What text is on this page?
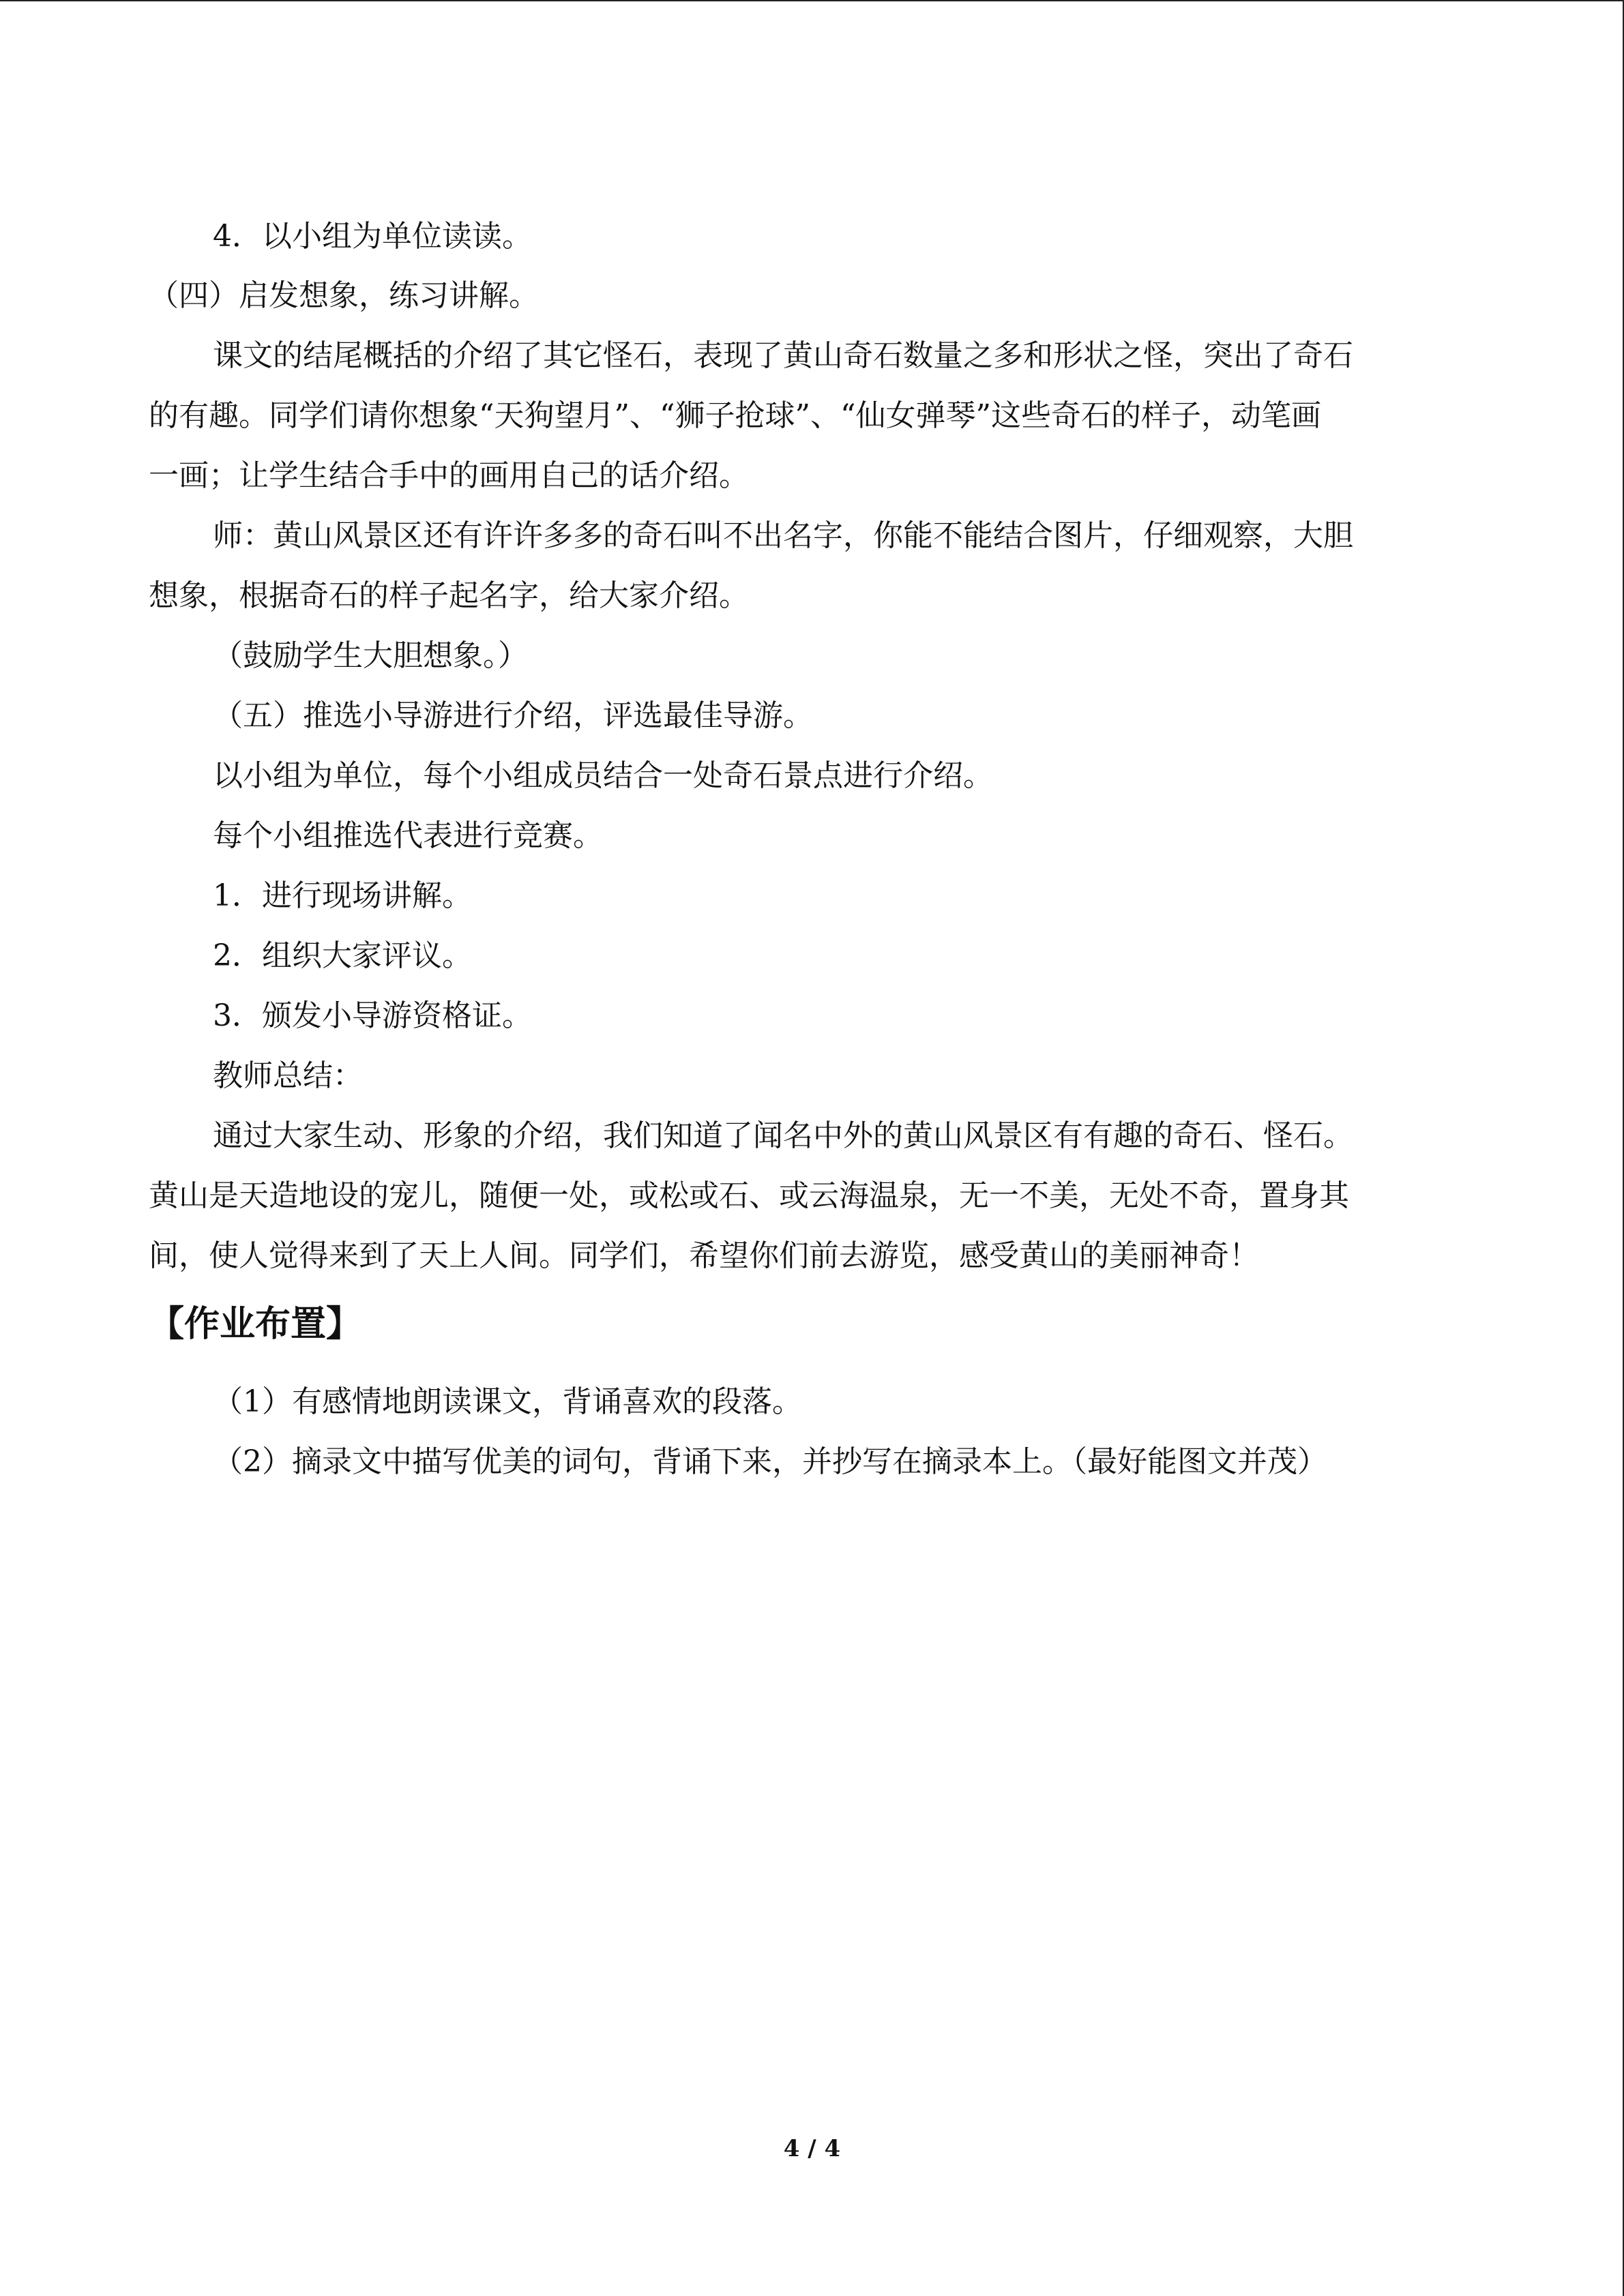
4．以小组为单位读读。
（四）启发想象，练习讲解。
课文的结尾概括的介绍了其它怪石，表现了黄山奇石数量之多和形状之怪，突出了奇石
的有趣。同学们请你想象“天狗望月”、“狮子抢球”、“仙女弹琴”这些奇石的样子，动笔画
一画；让学生结合手中的画用自己的话介绍。
师：黄山风景区还有许许多多的奇石叫不出名字，你能不能结合图片，仔细观察，大胆
想象，根据奇石的样子起名字，给大家介绍。
（鼓励学生大胆想象。）
（五）推选小导游进行介绍，评选最佳导游。
以小组为单位，每个小组成员结合一处奇石景点进行介绍。
每个小组推选代表进行竞赛。
1．进行现场讲解。
2．组织大家评议。
3．颁发小导游资格证。
教师总结：
通过大家生动、形象的介绍，我们知道了闻名中外的黄山风景区有有趣的奇石、怪石。
黄山是天造地设的宠儿，随便一处，或松或石、或云海温泉，无一不美，无处不奇，置身其
间，使人觉得来到了天上人间。同学们，希望你们前去游览，感受黄山的美丽神奇！
【作业布置】
（1）有感情地朗读课文，背诵喜欢的段落。
（2）摘录文中描写优美的词句，背诵下来，并抄写在摘录本上。（最好能图文并茂）
4 / 4
